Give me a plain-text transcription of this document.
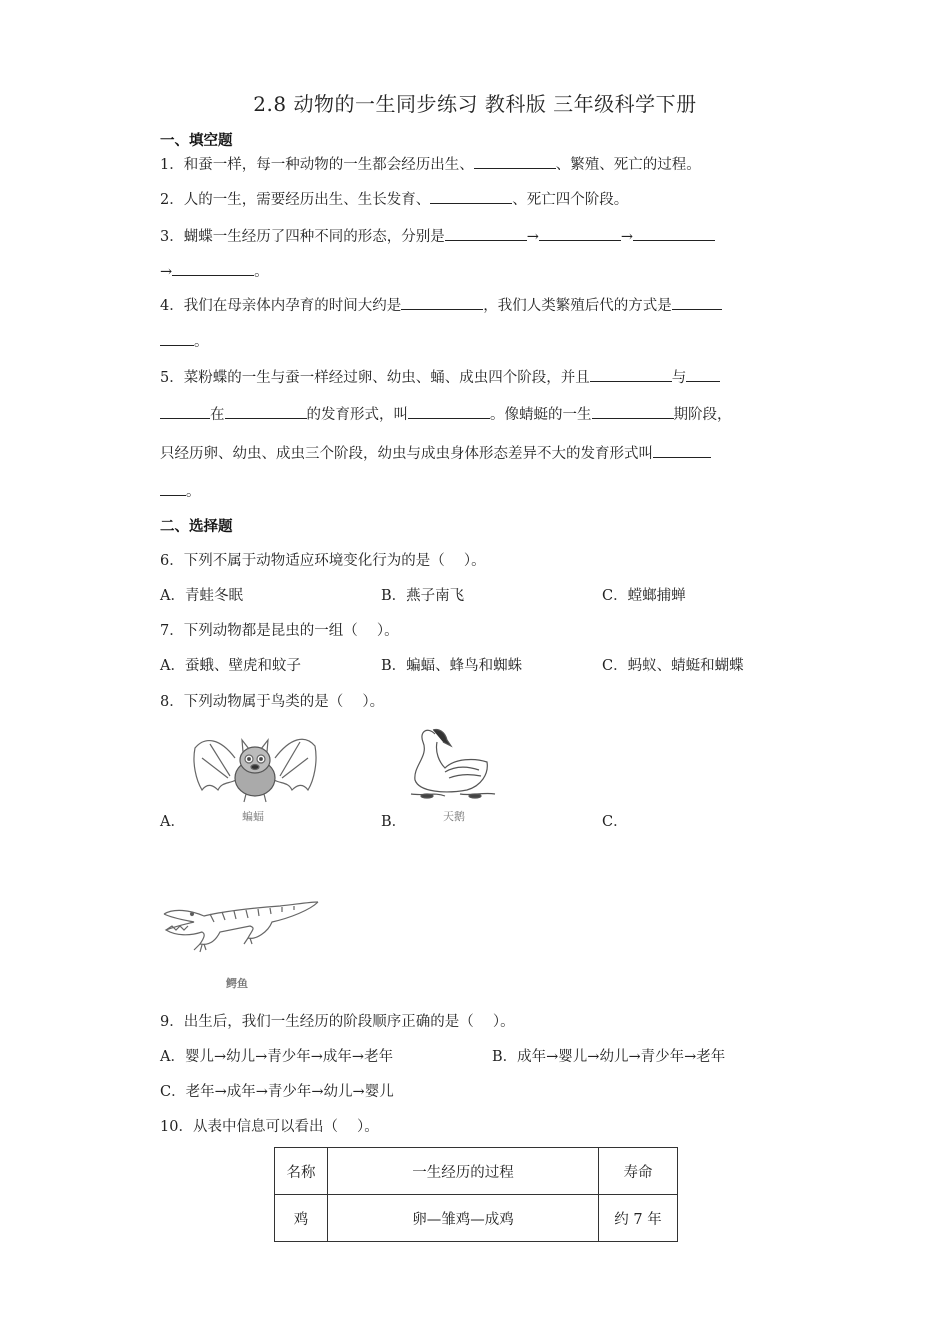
2.8 动物的一生同步练习 教科版 三年级科学下册
一、填空题
1．和蚕一样，每一种动物的一生都会经历出生、	、繁殖、死亡的过程。
2．人的一生，需要经历出生、生长发育、	、死亡四个阶段。
3．蝴蝶一生经历了四种不同的形态，分别是	→	→
→	。
4．我们在母亲体内孕育的时间大约是	，我们人类繁殖后代的方式是
。
5．菜粉蝶的一生与蚕一样经过卵、幼虫、蛹、成虫四个阶段，并且	与
在	的发育形式，叫	。像蜻蜓的一生	期阶段，
只经历卵、幼虫、成虫三个阶段，幼虫与成虫身体形态差异不大的发育形式叫
。
二、选择题
6．下列不属于动物适应环境变化行为的是（　 ）。
A．青蛙冬眠	B．燕子南飞	C．螳螂捕蝉
7．下列动物都是昆虫的一组（　 ）。
A．蚕蛾、壁虎和蚊子	B．蝙蝠、蜂鸟和蜘蛛	C．蚂蚁、蜻蜓和蝴蝶
8．下列动物属于鸟类的是（　 ）。
蝙蝠	天鹅
A．	B．	C．
鳄鱼
9．出生后，我们一生经历的阶段顺序正确的是（　 ）。
A．婴儿→幼儿→青少年→成年→老年	B．成年→婴儿→幼儿→青少年→老年
C．老年→成年→青少年→幼儿→婴儿
10．从表中信息可以看出（　 ）。
名称	一生经历的过程	寿命
鸡	卵—雏鸡—成鸡	约 7 年
